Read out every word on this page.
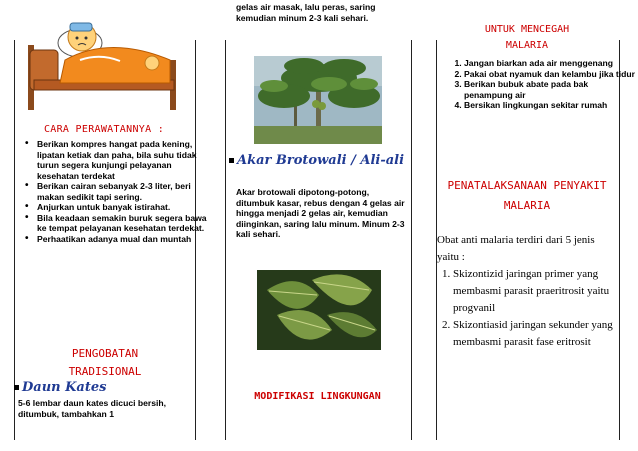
CARA PERAWATANNYA :
• Berikan kompres hangat pada kening, lipatan ketiak dan paha, bila suhu tidak turun segera kunjungi pelayanan kesehatan terdekat
• Berikan cairan sebanyak 2-3 liter, beri makan sedikit tapi sering.
• Anjurkan untuk banyak istirahat.
• Bila keadaan semakin buruk segera bawa ke tempat pelayanan kesehatan terdekat.
• Perhaatikan adanya mual dan muntah
PENGOBATAN TRADISIONAL
Daun Kates
5-6 lembar daun kates dicuci bersih, ditumbuk, tambahkan 1
gelas air masak, lalu peras, saring kemudian minum 2-3 kali sehari.
Akar Brotowali / Ali-ali
Akar brotowali dipotong-potong, ditumbuk kasar, rebus dengan 4 gelas air hingga menjadi 2 gelas air, kemudian diinginkan, saring lalu minum. Minum 2-3 kali sehari.
MODIFIKASI LINGKUNGAN
UNTUK MENCEGAH MALARIA
1. Jangan biarkan ada air menggenang
2. Pakai obat nyamuk dan kelambu jika tidur
3. Berikan bubuk abate pada bak penampung air
4. Bersikan lingkungan sekitar rumah
PENATALAKSANAAN PENYAKIT MALARIA
Obat anti malaria terdiri dari 5 jenis yaitu :
1. Skizontizid jaringan primer yang membasmi parasit praeritrosit yaitu progvanil
2. Skizontiasid jaringan sekunder yang membasmi parasit fase eritrosit
